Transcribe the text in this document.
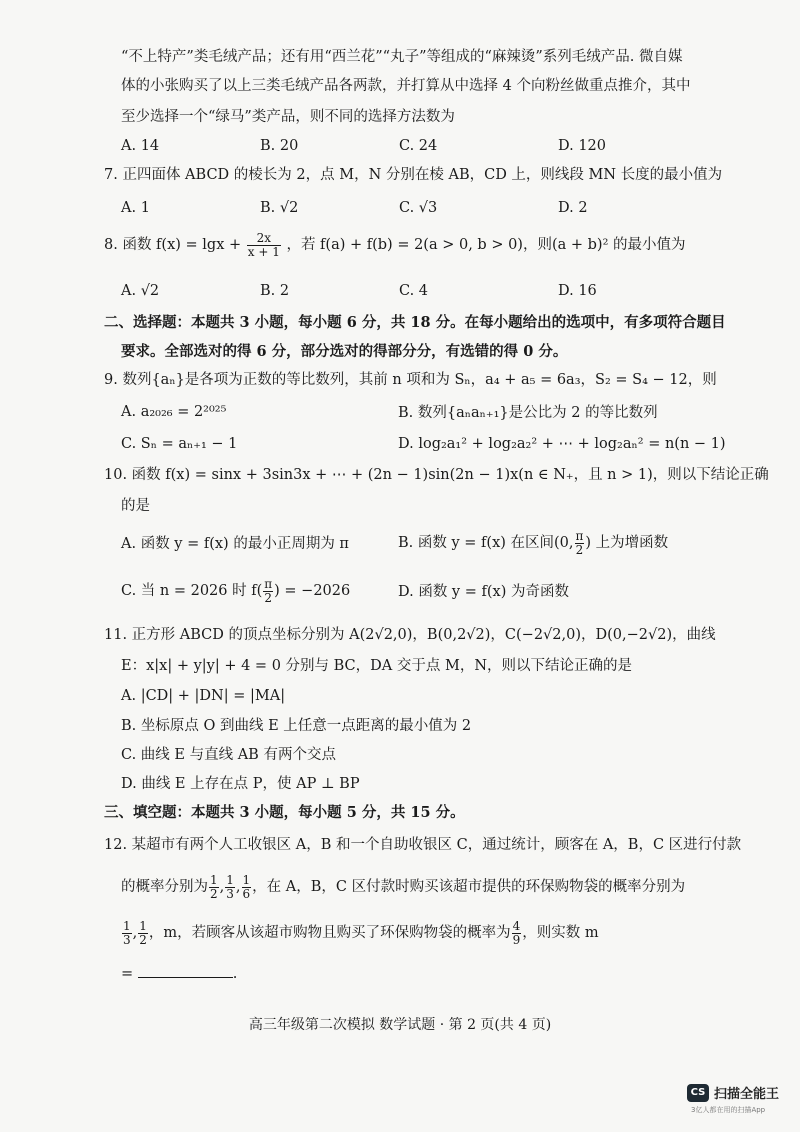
“不上特产”类毛绒产品；还有用“西兰花”“丸子”等组成的“麻辣烫”系列毛绒产品. 微自媒
体的小张购买了以上三类毛绒产品各两款，并打算从中选择 4 个向粉丝做重点推介，其中
至少选择一个“绿马”类产品，则不同的选择方法数为
A. 14	B. 20	C. 24	D. 120
7. 正四面体 ABCD 的棱长为 2，点 M，N 分别在棱 AB，CD 上，则线段 MN 长度的最小值为
A. 1	B. √2	C. √3	D. 2
8. 函数 $f(x) = \lg x + \frac{2x}{x + 1}$ ，若 f(a) + f(b) = 2(a > 0, b > 0)，则(a + b)² 的最小值为
A. √2	B. 2	C. 4	D. 16
二、选择题：本题共 3 小题，每小题 6 分，共 18 分。在每小题给出的选项中，有多项符合题目
要求。全部选对的得 6 分，部分选对的得部分分，有选错的得 0 分。
9. 数列{aₙ}是各项为正数的等比数列，其前 n 项和为 Sₙ，a₄ + a₅ = 6a₃，S₂ = S₄ − 12，则
A. a₂₀₂₆ = 2²⁰²⁵	B. 数列{aₙaₙ₊₁}是公比为 2 的等比数列
C. Sₙ = aₙ₊₁ − 1	D. log₂a₁² + log₂a₂² + ⋯ + log₂aₙ² = n(n − 1)
10. 函数 f(x) = sinx + 3sin3x + ⋯ + (2n − 1)sin(2n − 1)x(n ∈ N₊，且 n > 1)，则以下结论正确
的是
A. 函数 y = f(x) 的最小正周期为 π	B. 函数 y = f(x) 在区间(0, $\frac{\pi}{2}$ ) 上为增函数
C. 当 n = 2026 时 $f( \frac{\pi}{2}$ ) = −2026	D. 函数 y = f(x) 为奇函数
11. 正方形 ABCD 的顶点坐标分别为 A(2√2,0)，B(0,2√2)，C(−2√2,0)，D(0,−2√2)，曲线
E：x|x| + y|y| + 4 = 0 分别与 BC，DA 交于点 M，N，则以下结论正确的是
A. |CD| + |DN| = |MA|
B. 坐标原点 O 到曲线 E 上任意一点距离的最小值为 2
C. 曲线 E 与直线 AB 有两个交点
D. 曲线 E 上存在点 P，使 AP ⊥ BP
三、填空题：本题共 3 小题，每小题 5 分，共 15 分。
12. 某超市有两个人工收银区 A，B 和一个自助收银区 C，通过统计，顾客在 A，B，C 区进行付款
的概率分别为 $\frac{1}{2}$ , $\frac{1}{3}$ , $\frac{1}{6}$ ，在 A，B，C 区付款时购买该超市提供的环保购物袋的概率分别为
$\frac{1}{3}$ , $\frac{1}{2}$ ，m，若顾客从该超市购物且购买了环保购物袋的概率为 $\frac{4}{9}$ ，则实数 m
=	.
高三年级第二次模拟 数学试题 · 第 2 页(共 4 页)
CS 扫描全能王
3亿人都在用的扫描App
